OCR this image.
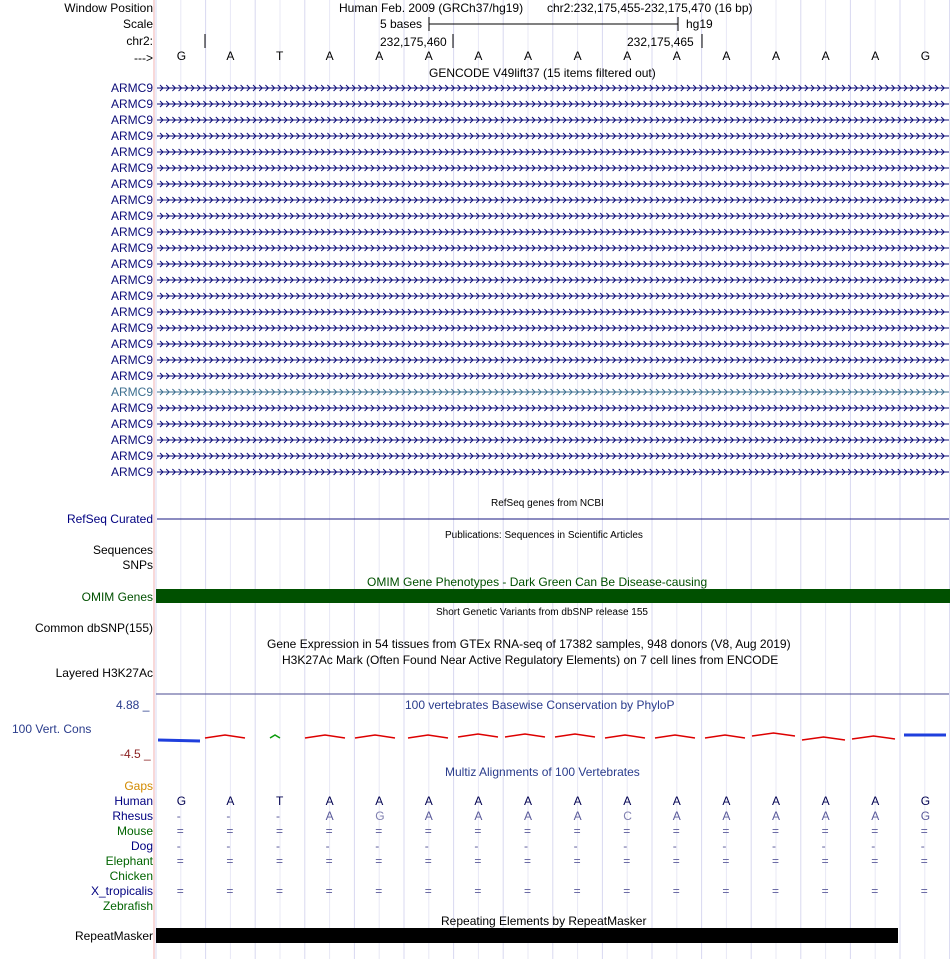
Window Position
Scale
chr2:
--->
Human Feb. 2009 (GRCh37/hg19) chr2:232,175,455-232,175,470 (16 bp)
5 bases	hg19
232,175,460	232,175,465
G	A	T	A	A	A	A	A	A	A	A	A	A	A	A	G
GENCODE V49lift37 (15 items filtered out)
ARMC9
ARMC9
ARMC9
ARMC9
ARMC9
ARMC9
ARMC9
ARMC9
ARMC9
ARMC9
ARMC9
ARMC9
ARMC9
ARMC9
ARMC9
ARMC9
ARMC9
ARMC9
ARMC9
ARMC9
ARMC9
ARMC9
ARMC9
ARMC9
ARMC9
RefSeq genes from NCBI
RefSeq Curated
Publications: Sequences in Scientific Articles
Sequences
SNPs
OMIM Gene Phenotypes - Dark Green Can Be Disease-causing
OMIM Genes
Short Genetic Variants from dbSNP release 155
Common dbSNP(155)
Gene Expression in 54 tissues from GTEx RNA-seq of 17382 samples, 948 donors (V8, Aug 2019)
H3K27Ac Mark (Often Found Near Active Regulatory Elements) on 7 cell lines from ENCODE
Layered H3K27Ac
100 vertebrates Basewise Conservation by PhyloP
4.88 _
100 Vert. Cons
-4.5 _
Multiz Alignments of 100 Vertebrates
Gaps
Human G	A	T	A	A	A	A	A	A	A	A	A	A	A	A	G
Rhesus -	-	-	A	G	A	A	A	A	C	A	A	A	A	A	G
Mouse =	=	=	=	=	=	=	=	=	=	=	=	=	=	=	=
Dog -	-	-	-	-	-	-	-	-	-	-	-	-	-	-	-
Elephant =	=	=	=	=	=	=	=	=	=	=	=	=	=	=	=
Chicken
X_tropicalis =	=	=	=	=	=	=	=	=	=	=	=	=	=	=	=
Zebrafish
Repeating Elements by RepeatMasker
RepeatMasker
